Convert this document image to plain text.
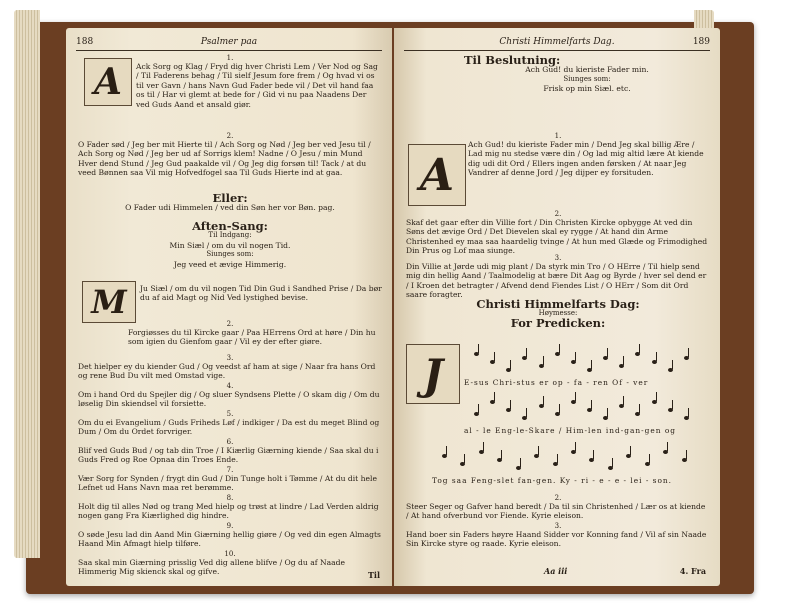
188	Psalmer paa
A
1.
Ack Sorg og Klag / Fryd dig hver Christi Lem / Ver Nod og Sag / Til Faderens behag / Til sielf Jesum fore frem / Og hvad vi os til ver Gavn / hans Navn Gud Fader bede vil / Det vil hand faa os til / Har vi glemt at bede for / Gid vi nu paa Naadens Der ved Guds Aand et ansald giør.
2.
O Fader sød / Jeg ber mit Hierte til / Ach Sorg og Nød / Jeg ber ved Jesu til / Ach Sorg og Nød / Jeg ber ud af Sorrigs klem! Nadne / O Jesu / min Mund Hver dend Stund / Jeg Gud paakalde vil / Og Jeg dig forsøn til! Tack / at du veed Bønnen saa Vil mig Hofvedfogel saa Til Guds Hierte ind at gaa.
Eller:
O Fader udi Himmelen / ved din Søn her vor Bøn. pag.
Aften-Sang:
Til Indgang:
Min Siæl / om du vil nogen Tid.
Siunges som:
Jeg veed et ævige Himmerig.
M	Ju Siæl / om du vil nogen Tid Din Gud i Sandhed Prise / Da bør du af aid Magt og Nid Ved lystighed bevise.
2.
Forgiøsses du til Kircke gaar / Paa HErrens Ord at høre / Din hu som igien du Gienfom gaar / Vil ey der efter giøre.
3.
Det hielper ey du kiender Gud / Og veedst af ham at sige / Naar fra hans Ord og rene Bud Du vilt med Omstad vige.
4.
Om i hand Ord du Spejler dig / Og sluer Syndsens Plette / O skam dig / Om du løselig Din skiendsel vil forsiette.
5.
Om du ei Evangelium / Guds Friheds Løf / indkiger / Da est du meget Blind og Dum / Om du Ordet forvriger.
6.
Blif ved Guds Bud / og tab din Troe / I Kiærlig Giærning kiende / Saa skal du i Guds Fred og Roe Opnaa din Troes Ende.
7.
Vær Sorg for Synden / frygt din Gud / Din Tunge holt i Tømme / At du dit hele Lefnet ud Hans Navn maa ret berømme.
8.
Holt dig til alles Nød og trang Med hielp og trøst at lindre / Lad Verden aldrig nogen gang Fra Kiærlighed dig hindre.
9.
O søde Jesu lad din Aand Min Giærning hellig giøre / Og ved din egen Almagts Haand Min Afmagt hielp tilføre.
10.
Saa skal min Giærning prisslig Ved dig allene blifve / Og du af Naade Himmerig Mig skienck skal og gifve.	Til
Christi Himmelfarts Dag.	189
Til Beslutning:
Ach Gud! du kieriste Fader min.
Siunges som:
Frisk op min Siæl. etc.
A
1.
Ach Gud! du kieriste Fader min / Dend Jeg skal billig Ære / Lad mig nu stedse være din / Og lad mig altid lære At kiende dig udi dit Ord / Ellers ingen anden førsken / At naar Jeg Vandrer af denne Jord / Jeg dijper ey forsituden.
2.
Skaf det gaar efter din Villie fort / Din Christen Kircke opbygge At ved din Søns det ævige Ord / Det Dievelen skal ey rygge / At hand din Arme Christenhed ey maa saa haardelig tvinge / At hun med Glæde og Frimodighed Din Prus og Lof maa siunge.
3.
Din Villie at Jørde udi mig plant / Da styrk min Tro / O HErre / Til hielp send mig din hellig Aand / Taalmodelig at bære Dit Aag og Byrde / hver sel dend er / I Kroen det betragter / Afvend dend Fiendes List / O HErr / Som dit Ord saare foragter.
Christi Himmelfarts Dag:
Høymesse:
For Predicken:
J	E-sus Chri-stus er op - fa - ren Of - ver
al - le Eng-le-Skare / Him-len ind-gan-gen og
Tog saa Feng-slet fan-gen. Ky - ri - e - e - lei - son.
2.
Steer Seger og Gafver hand beredt / Da til sin Christenhed / Lær os at kiende / At hand ofverbund vor Fiende. Kyrie eleison.
3.
Hand boer sin Faders høyre Haand Sidder vor Konning fand / Vil af sin Naade Sin Kircke styre og raade. Kyrie eleison.
Aa iii	4. Fra
